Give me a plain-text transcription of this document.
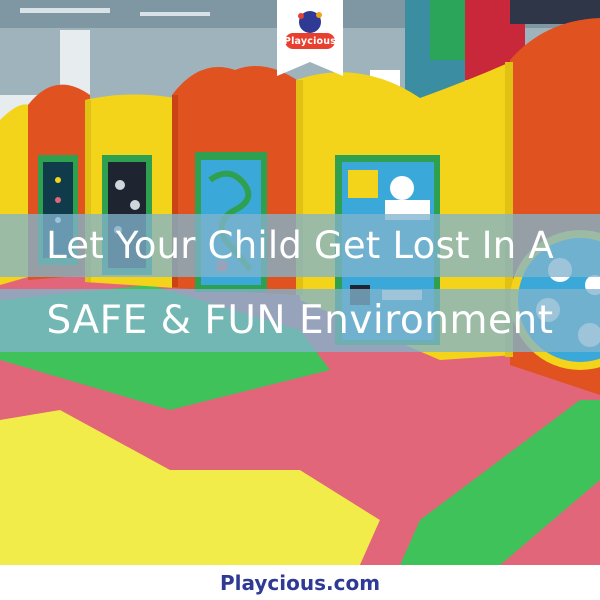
Let Your Child Get Lost In A
SAFE & FUN Environment
Playcious
Playcious.com
